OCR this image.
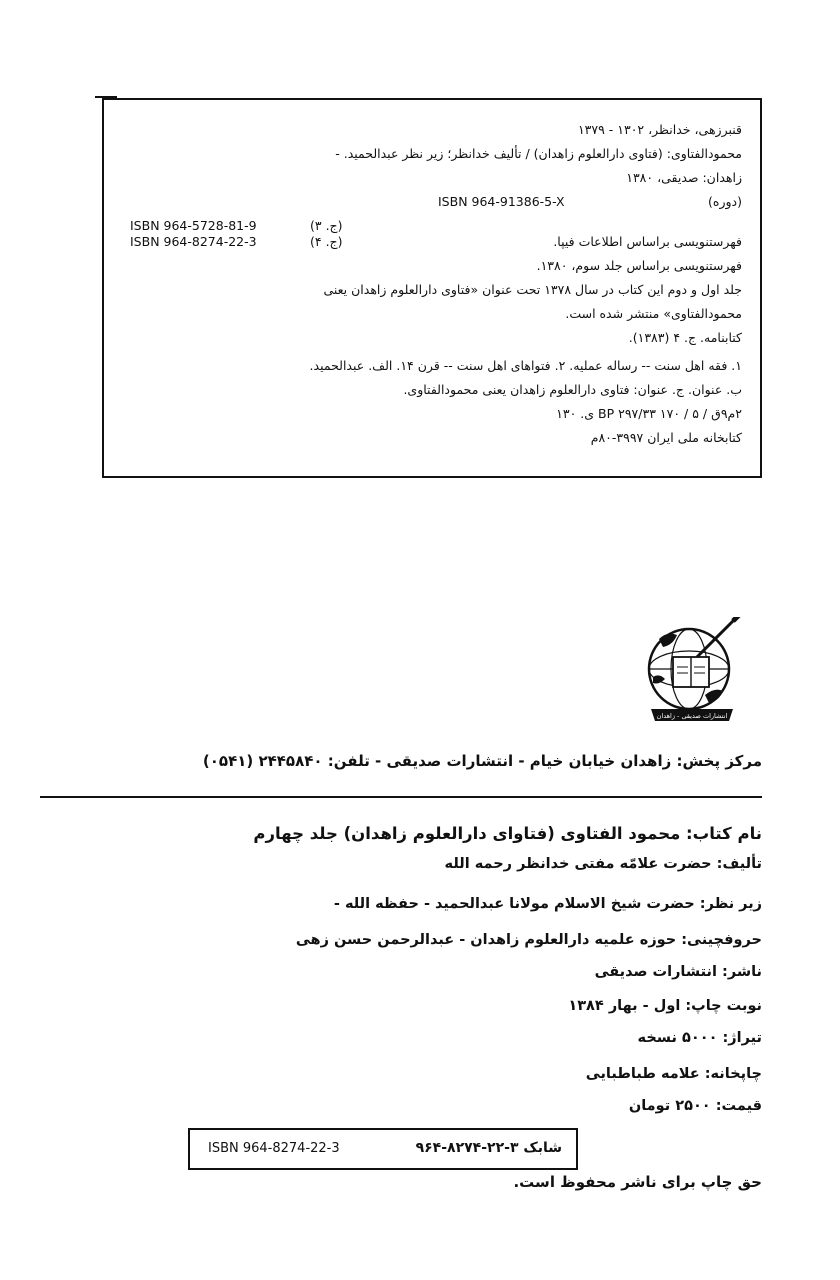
قنبرزهی، خدانظر، ۱۳۰۲ - ۱۳۷۹
محمودالفتاوی: (فتاوی دارالعلوم زاهدان) / تألیف خدانظر؛ زیر نظر عبدالحمید. -
زاهدان: صدیقی، ۱۳۸۰
(دوره)
ISBN 964-91386-5-X
(ج. ۳)
ISBN 964-5728-81-9
فهرستنویسی براساس اطلاعات فیپا.
(ج. ۴)
ISBN 964-8274-22-3
فهرستنویسی براساس جلد سوم، ۱۳۸۰.
جلد اول و دوم این کتاب در سال ۱۳۷۸ تحت عنوان «فتاوی دارالعلوم زاهدان یعنی
محمودالفتاوی» منتشر شده است.
کتابنامه. ج. ۴ (۱۳۸۳).
۱. فقه اهل سنت -- رساله عملیه. ۲. فتواهای اهل سنت -- قرن ۱۴. الف. عبدالحمید.
ب. عنوان. ج. عنوان: فتاوی دارالعلوم زاهدان یعنی محمودالفتاوی.
۲م۹ق / ۵ / ۱۷۰ BP ۲۹۷/۳۳ ی. ۱۳۰
کتابخانه ملی ایران ۳۹۹۷-۸۰م
انتشارات صدیقی - زاهدان
مرکز پخش: زاهدان خیابان خیام - انتشارات صدیقی - تلفن: ۲۴۴۵۸۴۰ (۰۵۴۱)
نام کتاب: محمود الفتاوی (فتاوای دارالعلوم زاهدان) جلد چهارم
تألیف: حضرت علامّه مفتی خدانظر رحمه الله
زیر نظر: حضرت شیخ الاسلام مولانا عبدالحمید - حفظه الله -
حروفچینی: حوزه علمیه دارالعلوم زاهدان - عبدالرحمن حسن زهی
ناشر: انتشارات صدیقی
نوبت چاپ: اول - بهار ۱۳۸۴
تیراژ: ۵۰۰۰ نسخه
چاپخانه: علامه طباطبایی
قیمت: ۲۵۰۰ تومان
ISBN 964-8274-22-3	شابک ۳-۲۲-۸۲۷۴-۹۶۴
حق چاپ برای ناشر محفوظ است.
